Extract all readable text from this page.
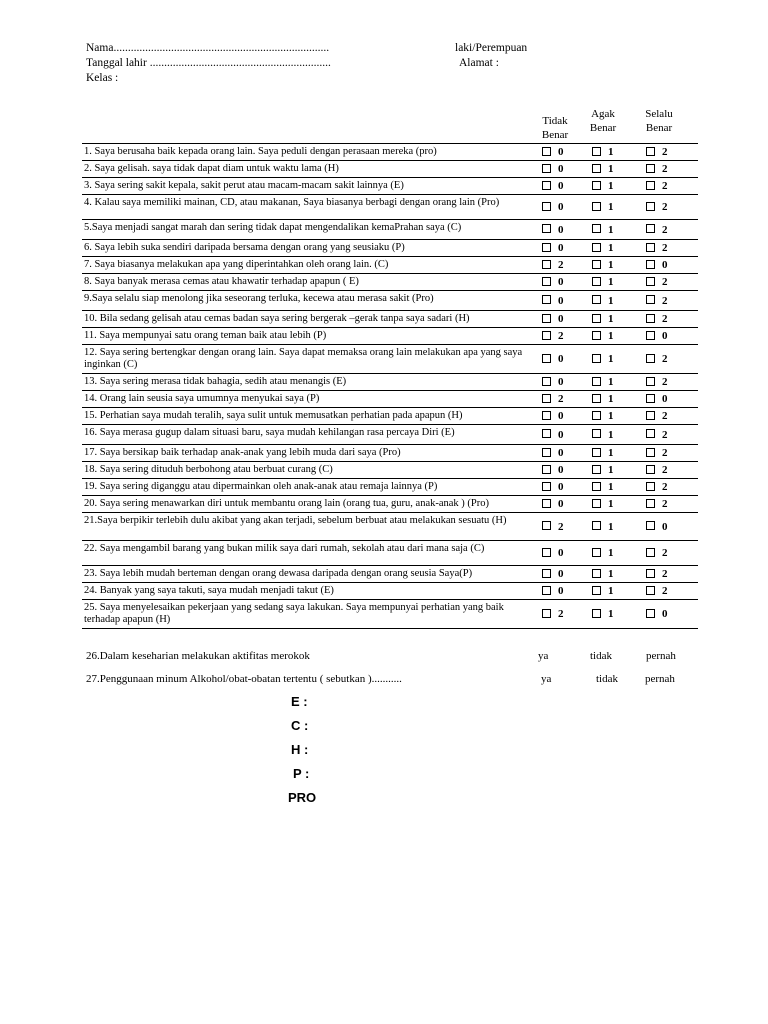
Nama...........................................................................	laki/Perempuan
Tanggal lahir ...............................................................	Alamat :
Kelas :
Tidak
Benar
Agak
Benar
Selalu
Benar
1. Saya berusaha baik kepada orang lain. Saya peduli dengan perasaan mereka (pro)	0	1	2
2. Saya gelisah. saya tidak dapat diam untuk waktu lama (H)	0	1	2
3. Saya sering sakit kepala, sakit perut atau macam-macam sakit lainnya (E)	0	1	2
4. Kalau saya memiliki mainan, CD, atau makanan, Saya biasanya berbagi dengan orang lain (Pro)	0	1	2
5.Saya menjadi sangat marah dan sering tidak dapat mengendalikan kemaPrahan saya (C)	0	1	2
6. Saya lebih suka sendiri daripada bersama dengan orang yang seusiaku (P)	0	1	2
7. Saya biasanya melakukan apa yang diperintahkan oleh orang lain. (C)	2	1	0
8. Saya banyak merasa cemas atau khawatir terhadap apapun ( E)	0	1	2
9.Saya selalu siap menolong jika seseorang terluka, kecewa atau merasa sakit (Pro)	0	1	2
10. Bila sedang gelisah atau cemas badan saya sering bergerak –gerak tanpa saya sadari (H)	0	1	2
11. Saya mempunyai satu orang teman baik atau lebih (P)	2	1	0
12. Saya sering bertengkar dengan orang lain. Saya dapat memaksa orang lain melakukan apa yang saya inginkan (C)	0	1	2
13. Saya sering merasa tidak bahagia, sedih atau menangis (E)	0	1	2
14. Orang lain seusia saya umumnya menyukai saya (P)	2	1	0
15. Perhatian saya mudah teralih, saya sulit untuk memusatkan perhatian pada apapun (H)	0	1	2
16. Saya merasa gugup dalam situasi baru, saya mudah kehilangan rasa percaya Diri (E)	0	1	2
17. Saya bersikap baik terhadap anak-anak yang lebih muda dari saya (Pro)	0	1	2
18. Saya sering dituduh berbohong atau berbuat curang (C)	0	1	2
19. Saya sering diganggu atau dipermainkan oleh anak-anak atau remaja lainnya (P)	0	1	2
20. Saya sering menawarkan diri untuk membantu orang lain (orang tua, guru, anak-anak ) (Pro)	0	1	2
21.Saya berpikir terlebih dulu akibat yang akan terjadi, sebelum berbuat atau melakukan sesuatu (H)	2	1	0
22. Saya mengambil barang yang bukan milik saya dari rumah, sekolah atau dari mana saja (C)	0	1	2
23. Saya lebih mudah berteman dengan orang dewasa daripada dengan orang seusia Saya(P)	0	1	2
24. Banyak yang saya takuti, saya mudah menjadi takut (E)	0	1	2
25. Saya menyelesaikan pekerjaan yang sedang saya lakukan. Saya mempunyai perhatian yang baik terhadap apapun (H)	2	1	0
26.Dalam keseharian melakukan aktifitas merokok	ya	tidak	pernah
27.Penggunaan minum Alkohol/obat-obatan tertentu ( sebutkan )...........	ya	tidak pernah
E :
C :
H :
P :
PRO
